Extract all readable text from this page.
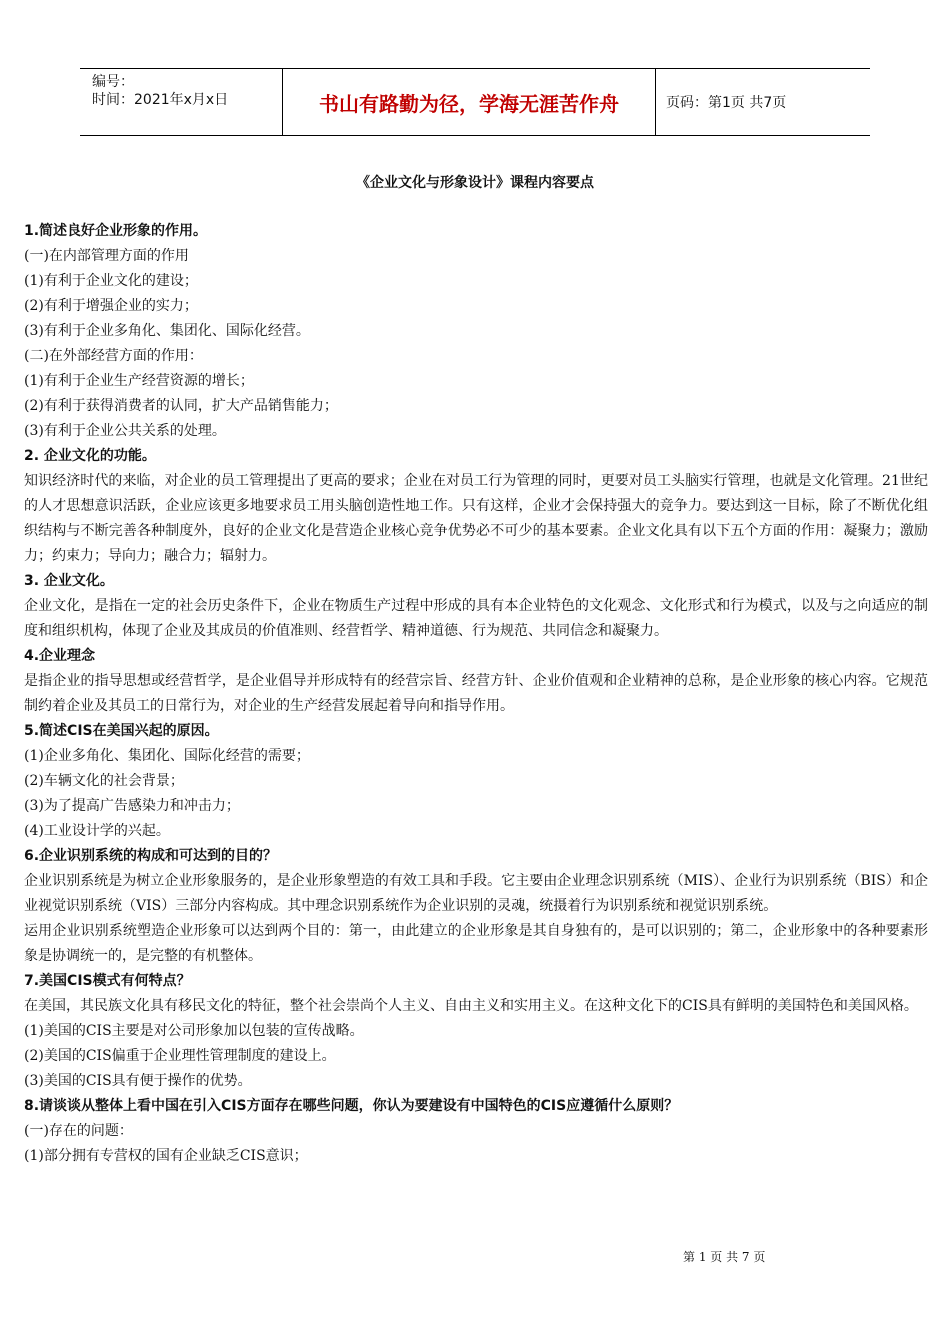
编号：
时间：2021年x月x日	书山有路勤为径，学海无涯苦作舟	页码：第1页 共7页
《企业文化与形象设计》课程内容要点

1.简述良好企业形象的作用。

(一)在内部管理方面的作用

(1)有利于企业文化的建设；

(2)有利于增强企业的实力；

(3)有利于企业多角化、集团化、国际化经营。

(二)在外部经营方面的作用：

(1)有利于企业生产经营资源的增长；

(2)有利于获得消费者的认同，扩大产品销售能力；

(3)有利于企业公共关系的处理。

2. 企业文化的功能。

知识经济时代的来临，对企业的员工管理提出了更高的要求；企业在对员工行为管理的同时，更要对员工头脑实行管理，也就是文化管理。21世纪的人才思想意识活跃，企业应该更多地要求员工用头脑创造性地工作。只有这样，企业才会保持强大的竞争力。要达到这一目标，除了不断优化组织结构与不断完善各种制度外，良好的企业文化是营造企业核心竞争优势必不可少的基本要素。企业文化具有以下五个方面的作用：凝聚力；激励力；约束力；导向力；融合力；辐射力。

3. 企业文化。

企业文化，是指在一定的社会历史条件下，企业在物质生产过程中形成的具有本企业特色的文化观念、文化形式和行为模式，以及与之向适应的制度和组织机构，体现了企业及其成员的价值准则、经营哲学、精神道德、行为规范、共同信念和凝聚力。

4.企业理念

是指企业的指导思想或经营哲学，是企业倡导并形成特有的经营宗旨、经营方针、企业价值观和企业精神的总称，是企业形象的核心内容。它规范制约着企业及其员工的日常行为，对企业的生产经营发展起着导向和指导作用。

5.简述CIS在美国兴起的原因。

(1)企业多角化、集团化、国际化经营的需要；

(2)车辆文化的社会背景；

(3)为了提高广告感染力和冲击力；

(4)工业设计学的兴起。

6.企业识别系统的构成和可达到的目的？

企业识别系统是为树立企业形象服务的，是企业形象塑造的有效工具和手段。它主要由企业理念识别系统（MIS）、企业行为识别系统（BIS）和企业视觉识别系统（VIS）三部分内容构成。其中理念识别系统作为企业识别的灵魂，统摄着行为识别系统和视觉识别系统。

运用企业识别系统塑造企业形象可以达到两个目的：第一，由此建立的企业形象是其自身独有的，是可以识别的；第二，企业形象中的各种要素形象是协调统一的，是完整的有机整体。

7.美国CIS模式有何特点？

在美国，其民族文化具有移民文化的特征，整个社会崇尚个人主义、自由主义和实用主义。在这种文化下的CIS具有鲜明的美国特色和美国风格。

(1)美国的CIS主要是对公司形象加以包装的宣传战略。

(2)美国的CIS偏重于企业理性管理制度的建设上。

(3)美国的CIS具有便于操作的优势。

8.请谈谈从整体上看中国在引入CIS方面存在哪些问题，你认为要建设有中国特色的CIS应遵循什么原则？

(一)存在的问题：

(1)部分拥有专营权的国有企业缺乏CIS意识；

第 1 页 共 7 页
